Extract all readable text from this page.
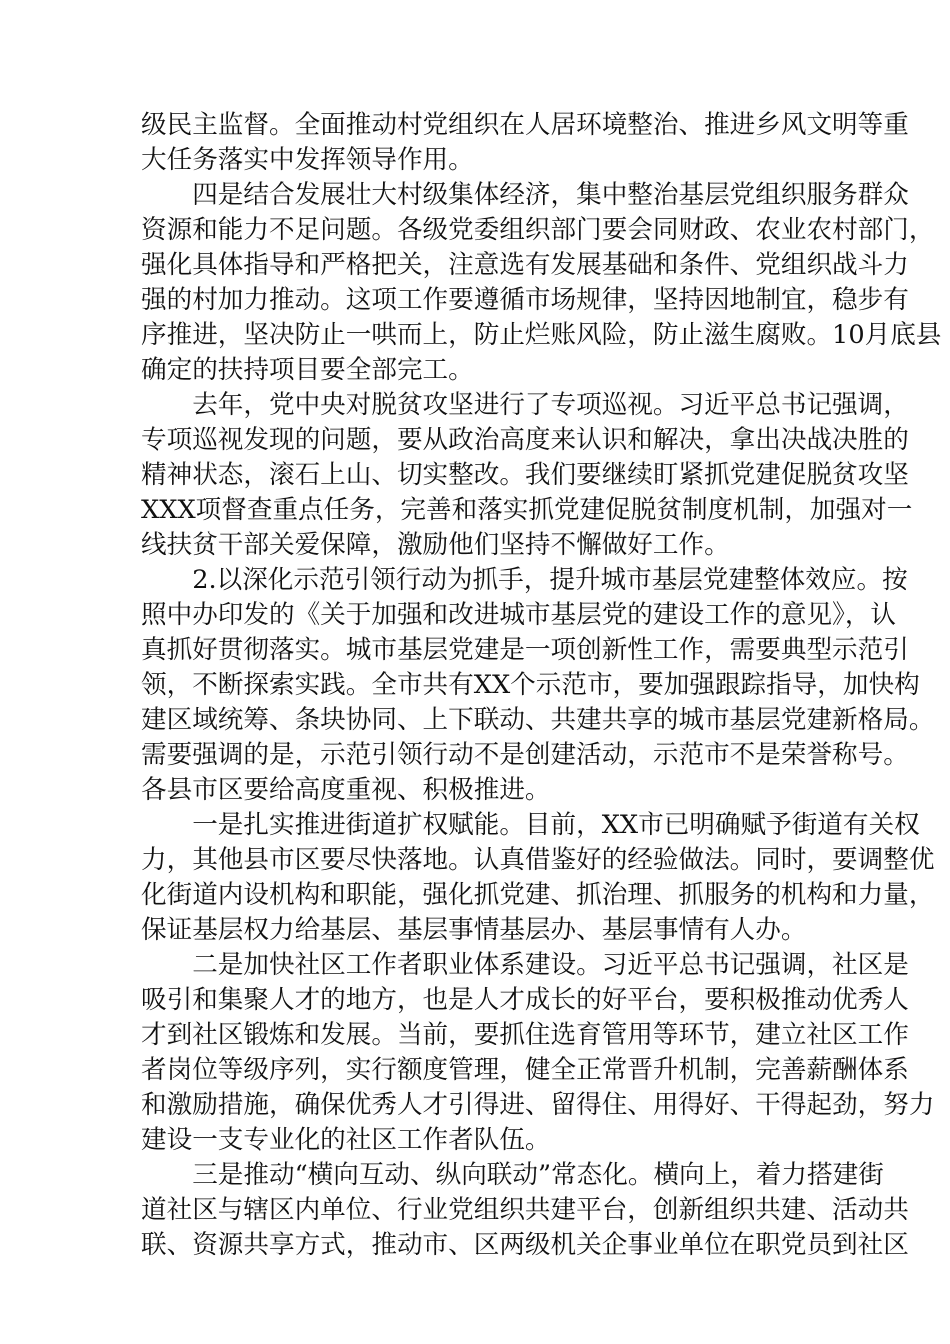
级民主监督。全面推动村党组织在人居环境整治、推进乡风文明等重
大任务落实中发挥领导作用。
　　四是结合发展壮大村级集体经济，集中整治基层党组织服务群众
资源和能力不足问题。各级党委组织部门要会同财政、农业农村部门，
强化具体指导和严格把关，注意选有发展基础和条件、党组织战斗力
强的村加力推动。这项工作要遵循市场规律，坚持因地制宜，稳步有
序推进，坚决防止一哄而上，防止烂账风险，防止滋生腐败。10月底县
确定的扶持项目要全部完工。
　　去年，党中央对脱贫攻坚进行了专项巡视。习近平总书记强调，
专项巡视发现的问题，要从政治高度来认识和解决，拿出决战决胜的
精神状态，滚石上山、切实整改。我们要继续盯紧抓党建促脱贫攻坚
XXX项督查重点任务，完善和落实抓党建促脱贫制度机制，加强对一
线扶贫干部关爱保障，激励他们坚持不懈做好工作。
　　2.以深化示范引领行动为抓手，提升城市基层党建整体效应。按
照中办印发的《关于加强和改进城市基层党的建设工作的意见》，认
真抓好贯彻落实。城市基层党建是一项创新性工作，需要典型示范引
领，不断探索实践。全市共有XX个示范市，要加强跟踪指导，加快构
建区域统筹、条块协同、上下联动、共建共享的城市基层党建新格局。
需要强调的是，示范引领行动不是创建活动，示范市不是荣誉称号。
各县市区要给高度重视、积极推进。
　　一是扎实推进街道扩权赋能。目前，XX市已明确赋予街道有关权
力，其他县市区要尽快落地。认真借鉴好的经验做法。同时，要调整优
化街道内设机构和职能，强化抓党建、抓治理、抓服务的机构和力量，
保证基层权力给基层、基层事情基层办、基层事情有人办。
　　二是加快社区工作者职业体系建设。习近平总书记强调，社区是
吸引和集聚人才的地方，也是人才成长的好平台，要积极推动优秀人
才到社区锻炼和发展。当前，要抓住选育管用等环节，建立社区工作
者岗位等级序列，实行额度管理，健全正常晋升机制，完善薪酬体系
和激励措施，确保优秀人才引得进、留得住、用得好、干得起劲，努力
建设一支专业化的社区工作者队伍。
　　三是推动“横向互动、纵向联动”常态化。横向上，着力搭建街
道社区与辖区内单位、行业党组织共建平台，创新组织共建、活动共
联、资源共享方式，推动市、区两级机关企事业单位在职党员到社区
